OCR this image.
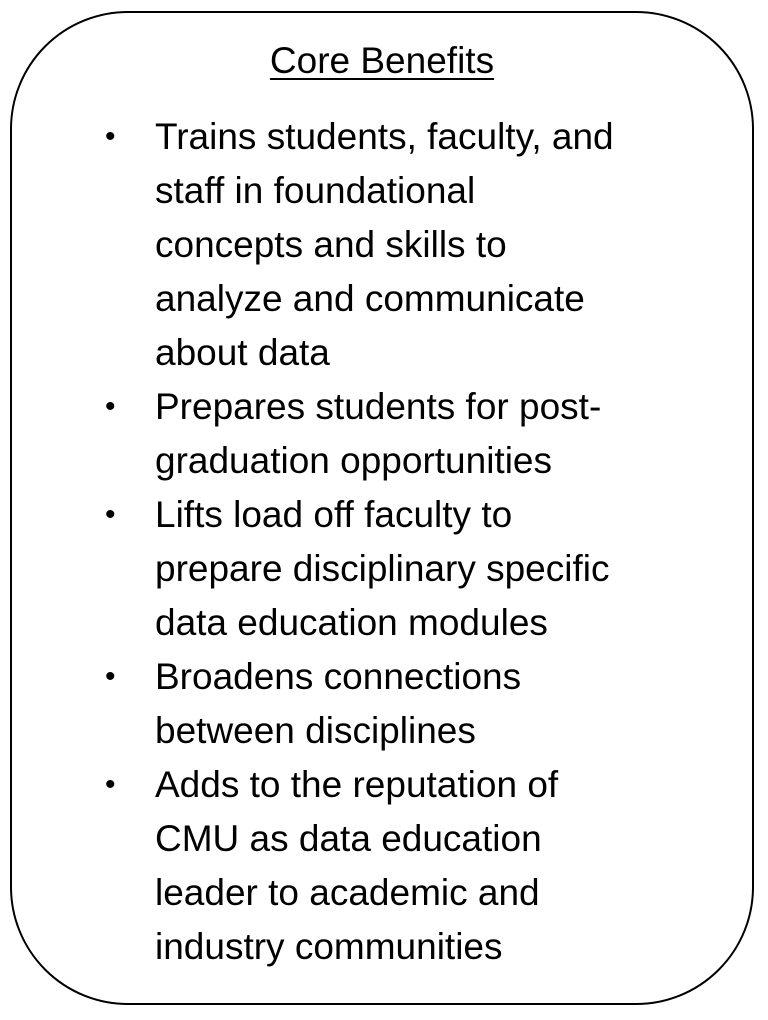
Core Benefits
• Trains students, faculty, and
staff in foundational
concepts and skills to
analyze and communicate
about data
• Prepares students for post-
graduation opportunities
• Lifts load off faculty to
prepare disciplinary specific
data education modules
• Broadens connections
between disciplines
• Adds to the reputation of
CMU as data education
leader to academic and
industry communities
